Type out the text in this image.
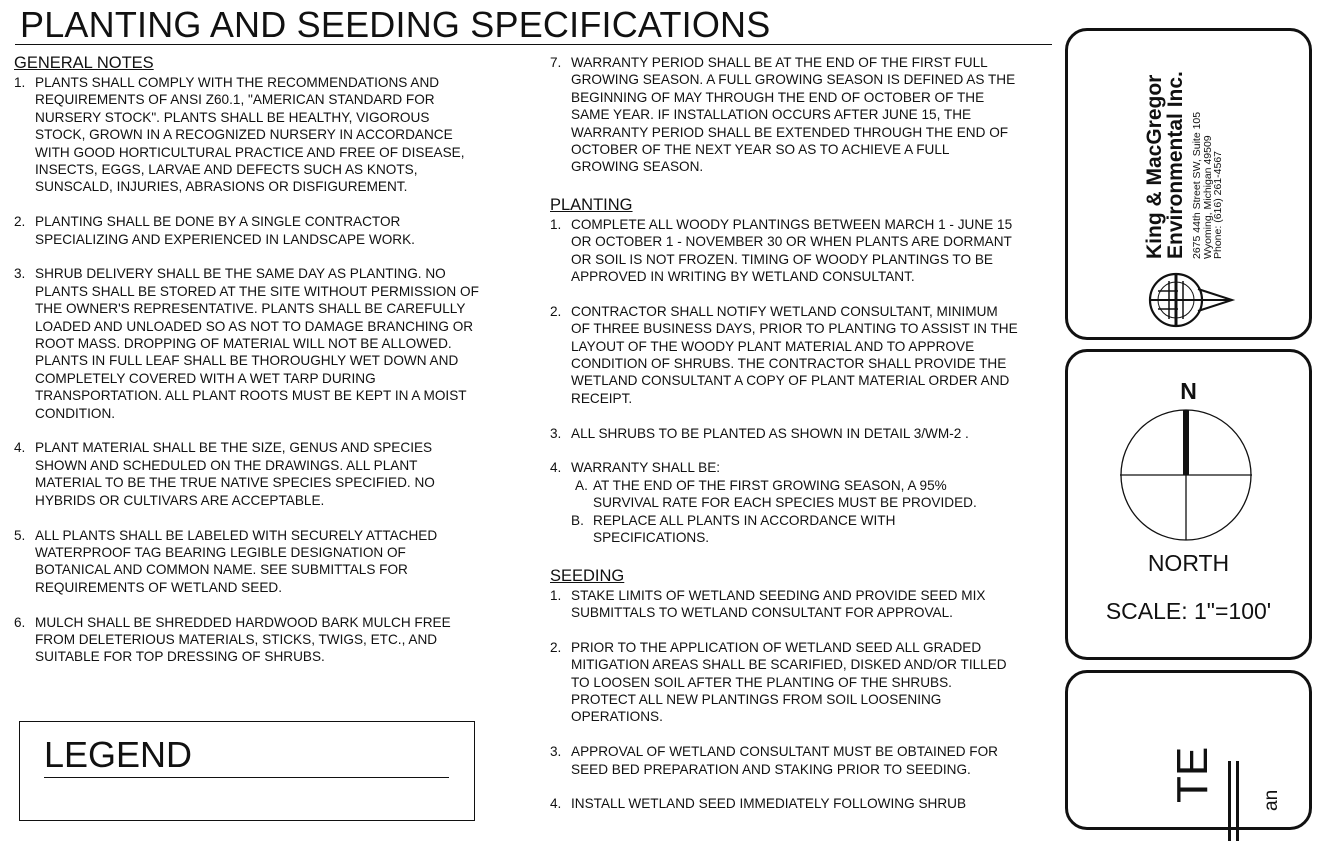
PLANTING AND SEEDING SPECIFICATIONS
GENERAL NOTES
1. PLANTS SHALL COMPLY WITH THE RECOMMENDATIONS AND
REQUIREMENTS OF ANSI Z60.1, "AMERICAN STANDARD FOR
NURSERY STOCK". PLANTS SHALL BE HEALTHY, VIGOROUS
STOCK, GROWN IN A RECOGNIZED NURSERY IN ACCORDANCE
WITH GOOD HORTICULTURAL PRACTICE AND FREE OF DISEASE,
INSECTS, EGGS, LARVAE AND DEFECTS SUCH AS KNOTS,
SUNSCALD, INJURIES, ABRASIONS OR DISFIGUREMENT.
2. PLANTING SHALL BE DONE BY A SINGLE CONTRACTOR
SPECIALIZING AND EXPERIENCED IN LANDSCAPE WORK.
3. SHRUB DELIVERY SHALL BE THE SAME DAY AS PLANTING. NO
PLANTS SHALL BE STORED AT THE SITE WITHOUT PERMISSION OF
THE OWNER'S REPRESENTATIVE. PLANTS SHALL BE CAREFULLY
LOADED AND UNLOADED SO AS NOT TO DAMAGE BRANCHING OR
ROOT MASS. DROPPING OF MATERIAL WILL NOT BE ALLOWED.
PLANTS IN FULL LEAF SHALL BE THOROUGHLY WET DOWN AND
COMPLETELY COVERED WITH A WET TARP DURING
TRANSPORTATION. ALL PLANT ROOTS MUST BE KEPT IN A MOIST
CONDITION.
4. PLANT MATERIAL SHALL BE THE SIZE, GENUS AND SPECIES
SHOWN AND SCHEDULED ON THE DRAWINGS. ALL PLANT
MATERIAL TO BE THE TRUE NATIVE SPECIES SPECIFIED. NO
HYBRIDS OR CULTIVARS ARE ACCEPTABLE.
5. ALL PLANTS SHALL BE LABELED WITH SECURELY ATTACHED
WATERPROOF TAG BEARING LEGIBLE DESIGNATION OF
BOTANICAL AND COMMON NAME. SEE SUBMITTALS FOR
REQUIREMENTS OF WETLAND SEED.
6. MULCH SHALL BE SHREDDED HARDWOOD BARK MULCH FREE
FROM DELETERIOUS MATERIALS, STICKS, TWIGS, ETC., AND
SUITABLE FOR TOP DRESSING OF SHRUBS.
7. WARRANTY PERIOD SHALL BE AT THE END OF THE FIRST FULL
GROWING SEASON. A FULL GROWING SEASON IS DEFINED AS THE
BEGINNING OF MAY THROUGH THE END OF OCTOBER OF THE
SAME YEAR. IF INSTALLATION OCCURS AFTER JUNE 15, THE
WARRANTY PERIOD SHALL BE EXTENDED THROUGH THE END OF
OCTOBER OF THE NEXT YEAR SO AS TO ACHIEVE A FULL
GROWING SEASON.
PLANTING
1. COMPLETE ALL WOODY PLANTINGS BETWEEN MARCH 1 - JUNE 15
OR OCTOBER 1 - NOVEMBER 30 OR WHEN PLANTS ARE DORMANT
OR SOIL IS NOT FROZEN. TIMING OF WOODY PLANTINGS TO BE
APPROVED IN WRITING BY WETLAND CONSULTANT.
2. CONTRACTOR SHALL NOTIFY WETLAND CONSULTANT, MINIMUM
OF THREE BUSINESS DAYS, PRIOR TO PLANTING TO ASSIST IN THE
LAYOUT OF THE WOODY PLANT MATERIAL AND TO APPROVE
CONDITION OF SHRUBS. THE CONTRACTOR SHALL PROVIDE THE
WETLAND CONSULTANT A COPY OF PLANT MATERIAL ORDER AND
RECEIPT.
3. ALL SHRUBS TO BE PLANTED AS SHOWN IN DETAIL 3/WM-2 .
4. WARRANTY SHALL BE:
A. AT THE END OF THE FIRST GROWING SEASON, A 95%
SURVIVAL RATE FOR EACH SPECIES MUST BE PROVIDED.
B. REPLACE ALL PLANTS IN ACCORDANCE WITH
SPECIFICATIONS.
SEEDING
1. STAKE LIMITS OF WETLAND SEEDING AND PROVIDE SEED MIX
SUBMITTALS TO WETLAND CONSULTANT FOR APPROVAL.
2. PRIOR TO THE APPLICATION OF WETLAND SEED ALL GRADED
MITIGATION AREAS SHALL BE SCARIFIED, DISKED AND/OR TILLED
TO LOOSEN SOIL AFTER THE PLANTING OF THE SHRUBS.
PROTECT ALL NEW PLANTINGS FROM SOIL LOOSENING
OPERATIONS.
3. APPROVAL OF WETLAND CONSULTANT MUST BE OBTAINED FOR
SEED BED PREPARATION AND STAKING PRIOR TO SEEDING.
4. INSTALL WETLAND SEED IMMEDIATELY FOLLOWING SHRUB
LEGEND
King & MacGregor
Environmental Inc. 2675 44th Street SW, Suite 105
Wyoming, Michigan 49509
Phone: (616) 261-4567
N
NORTH
SCALE: 1"=100'
TE an
